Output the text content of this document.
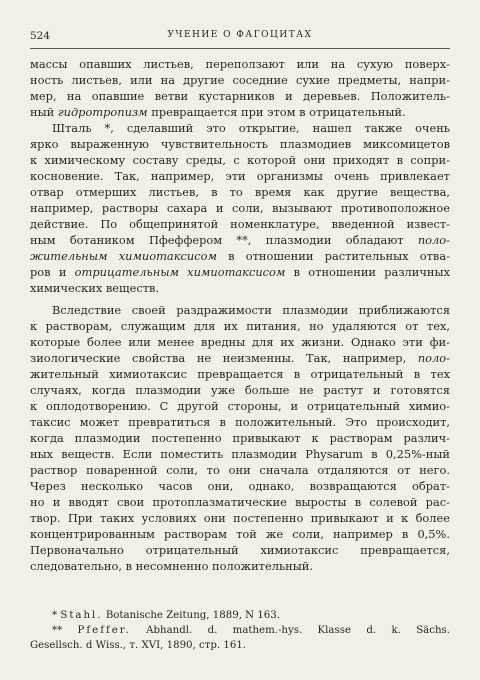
524	УЧЕНИЕ О ФАГОЦИТАХ
массы опавших листьев, переползают или на сухую поверх-
ность листьев, или на другие соседние сухие предметы, напри-
мер, на опавшие ветви кустарников и деревьев. Положитель-
ный гидротропизм превращается при этом в отрицательный.
Шталь *, сделавший это открытие, нашел также очень
ярко выраженную чувствительность плазмодиев миксомицетов
к химическому составу среды, с которой они приходят в сопри-
косновение. Так, например, эти организмы очень привлекает
отвар отмерших листьев, в то время как другие вещества,
например, растворы сахара и соли, вызывают противоположное
действие. По общепринятой номенклатуре, введенной извест-
ным ботаником Пфеффером **, плазмодии обладают поло-
жительным химиотаксисом в отношении растительных отва-
ров и отрицательным химиотаксисом в отношении различных
химических веществ.
Вследствие своей раздражимости плазмодии приближаются
к растворам, служащим для их питания, но удаляются от тех,
которые более или менее вредны для их жизни. Однако эти фи-
зиологические свойства не неизменны. Так, например, поло-
жительный химиотаксис превращается в отрицательный в тех
случаях, когда плазмодии уже больше не растут и готовятся
к оплодотворению. С другой стороны, и отрицательный химио-
таксис может превратиться в положительный. Это происходит,
когда плазмодии постепенно привыкают к растворам различ-
ных веществ. Если поместить плазмодии Physarum в 0,25%-ный
раствор поваренной соли, то они сначала отдаляются от него.
Через несколько часов они, однако, возвращаются обрат-
но и вводят свои протоплазматические выросты в солевой рас-
твор. При таких условиях они постепенно привыкают и к более
концентрированным растворам той же соли, например в 0,5%.
Первоначально отрицательный химиотаксис превращается,
следовательно, в несомненно положительный.
* Stahl. Botanische Zeitung, 1889, N 163.
** Pfeffer. Abhandl. d. mathem.-hys. Klasse d. k. Sächs.
Gesellsch. d Wiss., т. XVI, 1890, стр. 161.
